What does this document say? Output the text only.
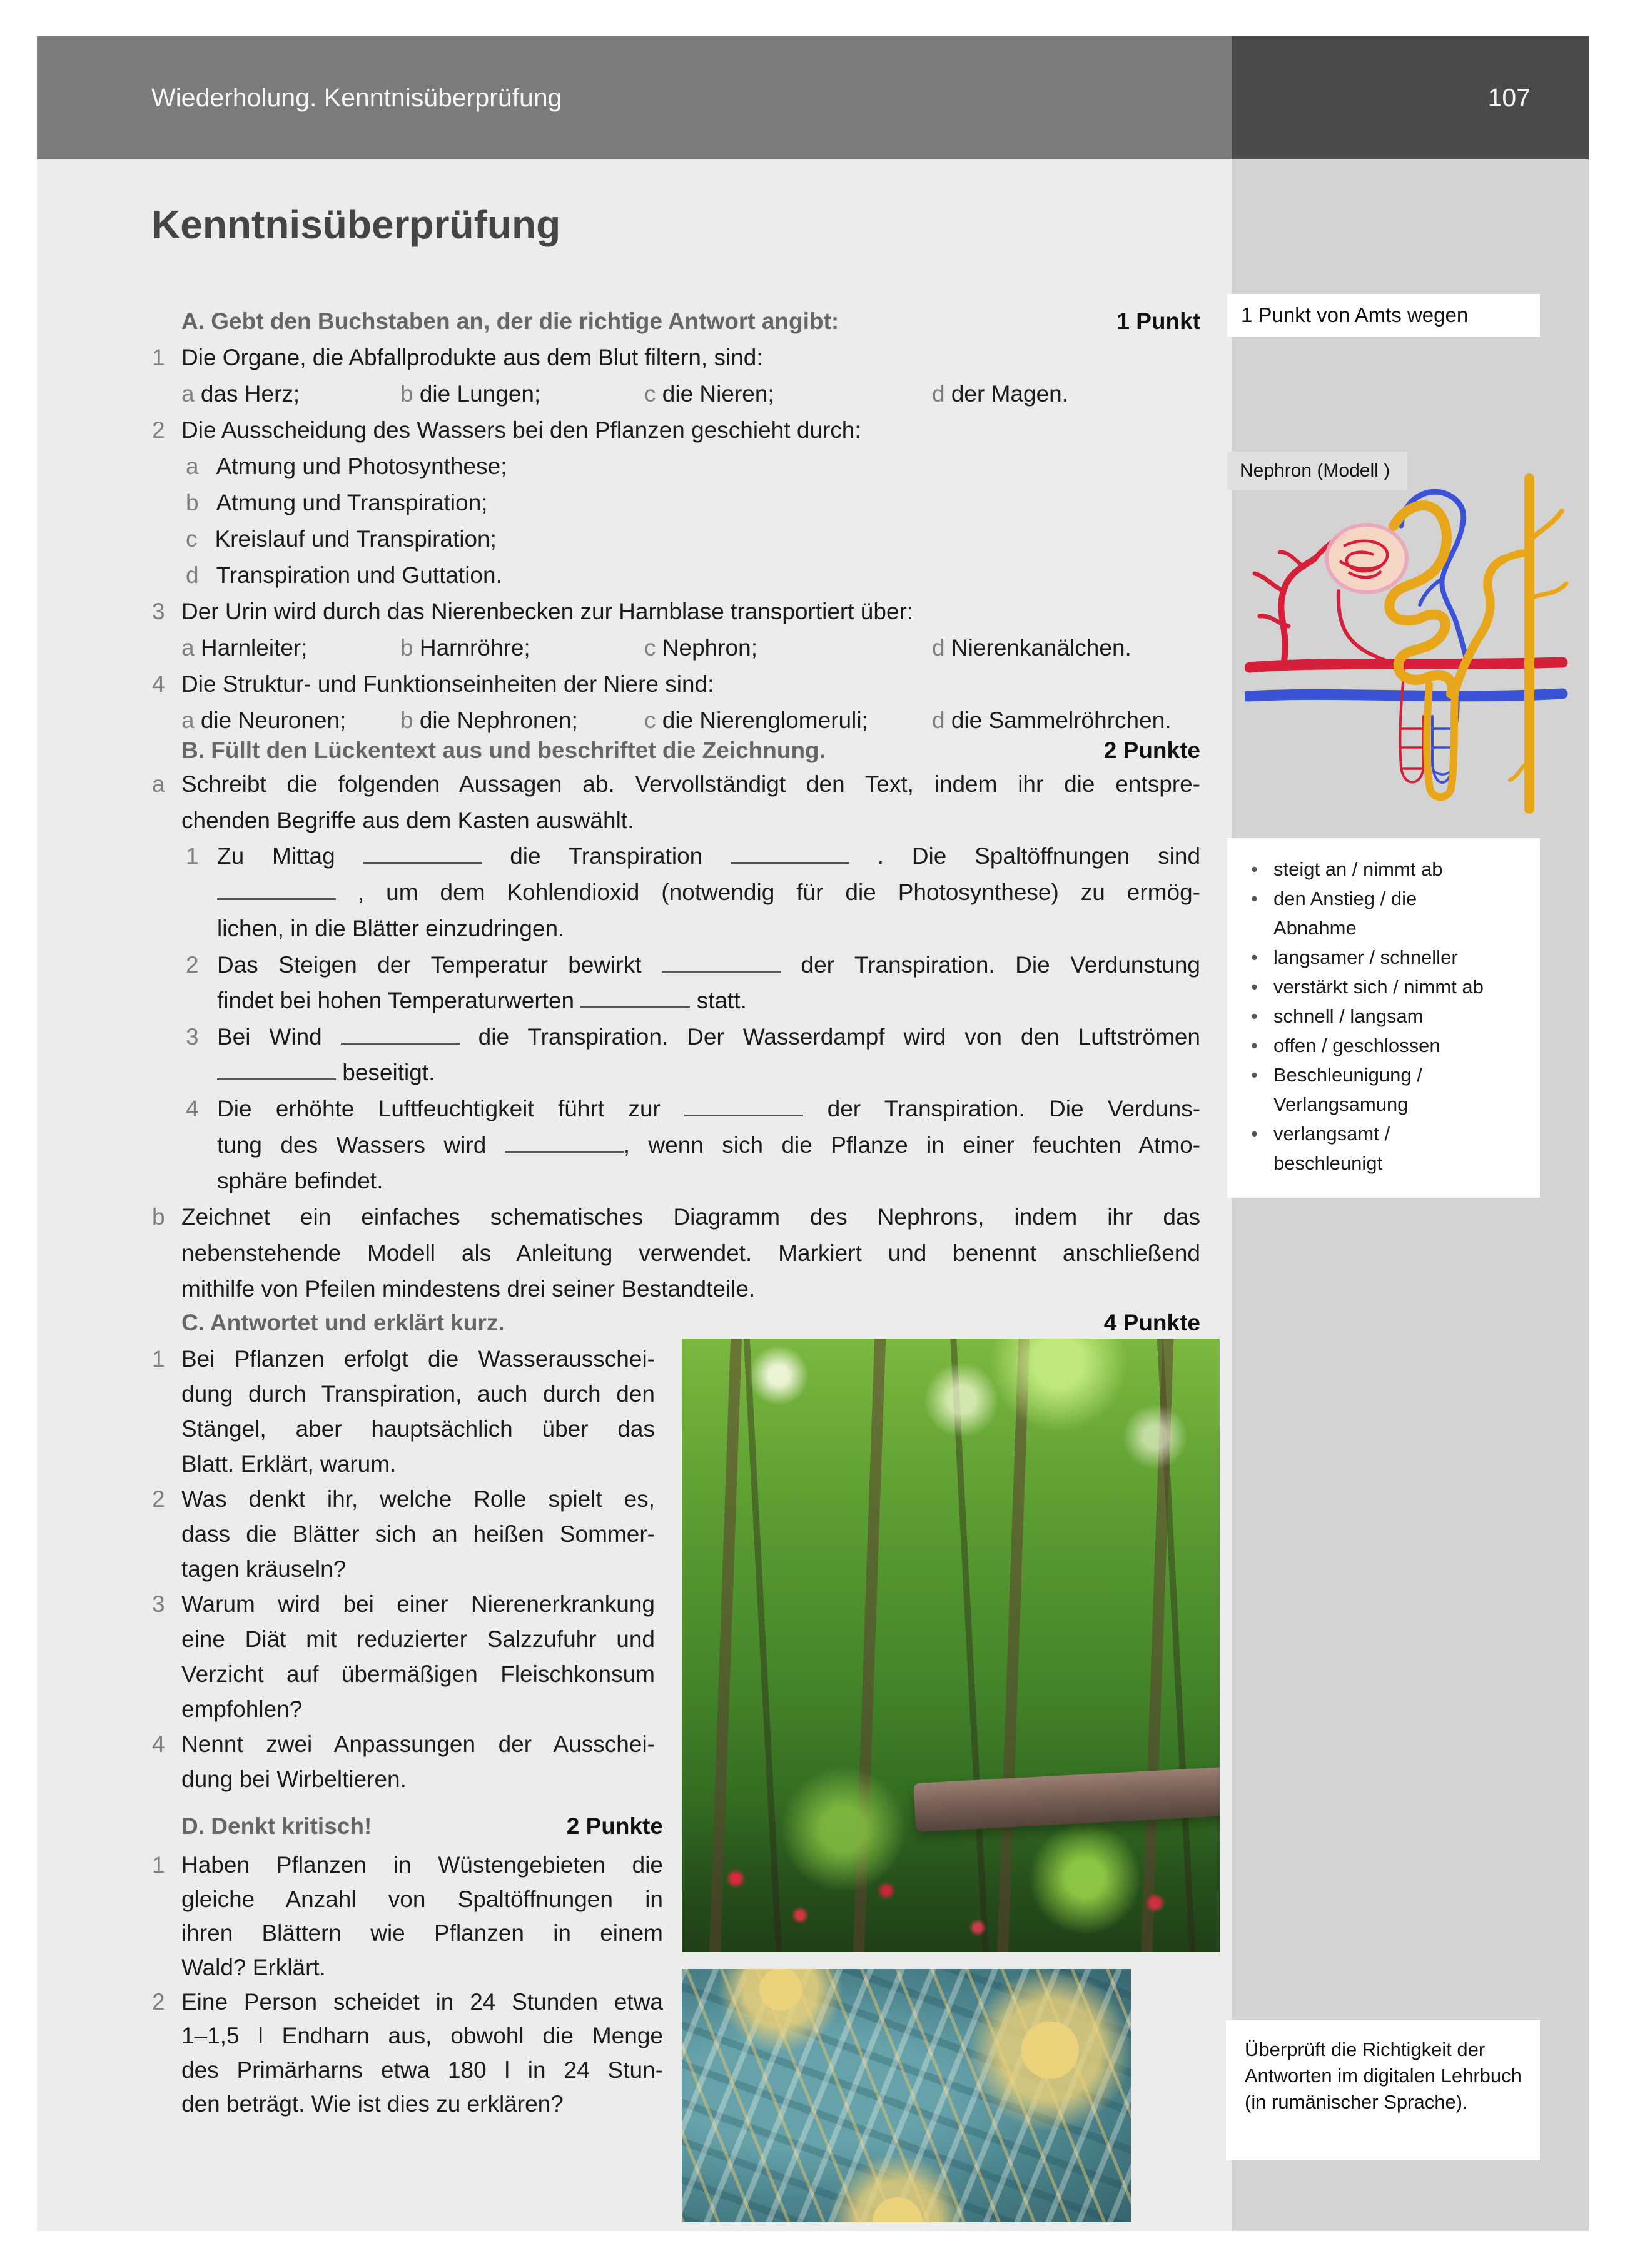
Wiederholung. Kenntnisüberprüfung	107
Kenntnisüberprüfung
A. Gebt den Buchstaben an, der die richtige Antwort angibt:	1 Punkt
1 Die Organe, die Abfallprodukte aus dem Blut filtern, sind:
a das Herz;	b die Lungen;	c die Nieren;	d der Magen.
2 Die Ausscheidung des Wassers bei den Pflanzen geschieht durch:
a Atmung und Photosynthese;
b Atmung und Transpiration;
c Kreislauf und Transpiration;
d Transpiration und Guttation.
3 Der Urin wird durch das Nierenbecken zur Harnblase transportiert über:
a Harnleiter;	b Harnröhre;	c Nephron;	d Nierenkanälchen.
4 Die Struktur- und Funktionseinheiten der Niere sind:
a die Neuronen; b die Nephronen;	c die Nierenglomeruli;	d die Sammelröhrchen.
B. Füllt den Lückentext aus und beschriftet die Zeichnung.	2 Punkte
a Schreibt die folgenden Aussagen ab. Vervollständigt den Text, indem ihr die entspre-
chenden Begriffe aus dem Kasten auswählt.
1 Zu Mittag	die Transpiration	. Die Spaltöffnungen sind
, um dem Kohlendioxid (notwendig für die Photosynthese) zu ermög-
lichen, in die Blätter einzudringen.
2 Das Steigen der Temperatur bewirkt	der Transpiration. Die Verdunstung
findet bei hohen Temperaturwerten	statt.
3 Bei Wind	die Transpiration. Der Wasserdampf wird von den Luftströmen
beseitigt.
4 Die erhöhte Luftfeuchtigkeit führt zur	der Transpiration. Die Verduns-
tung des Wassers wird	, wenn sich die Pflanze in einer feuchten Atmo-
sphäre befindet.
b Zeichnet ein einfaches schematisches Diagramm des Nephrons, indem ihr das
nebenstehende Modell als Anleitung verwendet. Markiert und benennt anschließend
mithilfe von Pfeilen mindestens drei seiner Bestandteile.
C. Antwortet und erklärt kurz.	4 Punkte
1 Bei Pflanzen erfolgt die Wasserausschei-
dung durch Transpiration, auch durch den
Stängel, aber hauptsächlich über das
Blatt. Erklärt, warum.
2 Was denkt ihr, welche Rolle spielt es,
dass die Blätter sich an heißen Sommer-
tagen kräuseln?
3 Warum wird bei einer Nierenerkrankung
eine Diät mit reduzierter Salzzufuhr und
Verzicht auf übermäßigen Fleischkonsum
empfohlen?
4 Nennt zwei Anpassungen der Ausschei-
dung bei Wirbeltieren.
D. Denkt kritisch!	2 Punkte
1 Haben Pflanzen in Wüstengebieten die
gleiche Anzahl von Spaltöffnungen in
ihren Blättern wie Pflanzen in einem
Wald? Erklärt.
2 Eine Person scheidet in 24 Stunden etwa
1–1,5 l Endharn aus, obwohl die Menge
des Primärharns etwa 180 l in 24 Stun-
den beträgt. Wie ist dies zu erklären?
1 Punkt von Amts wegen
Nephron (Modell )
• steigt an / nimmt ab
• den Anstieg / die
Abnahme
• langsamer / schneller
• verstärkt sich / nimmt ab
• schnell / langsam
• offen / geschlossen
• Beschleunigung /
Verlangsamung
• verlangsamt /
beschleunigt
Überprüft die Richtigkeit der Antworten im digitalen Lehrbuch (in rumänischer Sprache).
